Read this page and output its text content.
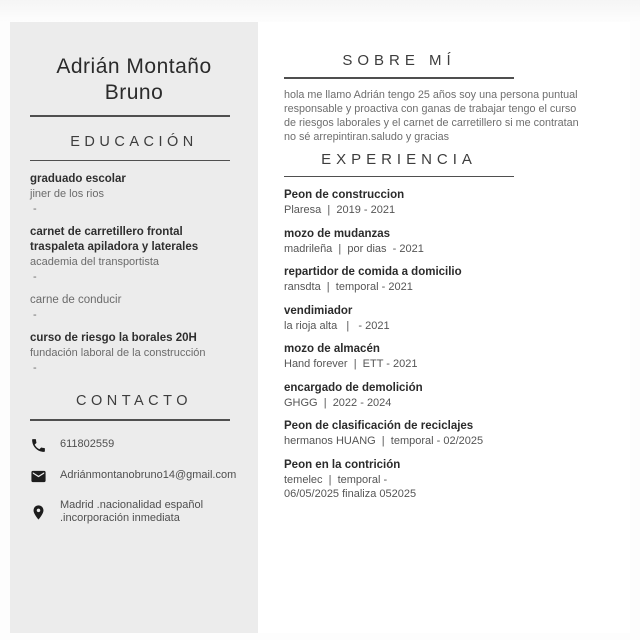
Adrián Montaño Bruno
EDUCACIÓN
graduado escolar
jiner de los rios
-
carnet de carretillero frontal traspaleta apiladora y laterales
academia del transportista
-
carne de conducir
-
curso de riesgo la borales 20H
fundación laboral de la construcción
-
CONTACTO
611802559
Adriánmontanobruno14@gmail.com
Madrid .nacionalidad español
.incorporación inmediata
SOBRE MÍ

hola me llamo Adrián tengo 25 años soy una persona puntual responsable y proactiva con ganas de trabajar tengo el curso de riesgos laborales y el carnet de carretillero si me contratan no sé arrepintiran.saludo y gracias

EXPERIENCIA
Peon de construccion
Plaresa  |  2019 - 2021
mozo de mudanzas
madrileña  |  por dias  - 2021
repartidor de comida a domicilio
ransdta  |  temporal - 2021
vendimiador
la rioja alta   |   - 2021
mozo de almacén
Hand forever  |  ETT - 2021
encargado de demolición
GHGG  |  2022 - 2024
Peon de clasificación de reciclajes
hermanos HUANG  |  temporal - 02/2025
Peon en la contrición
temelec  |  temporal -
06/05/2025 finaliza 052025
